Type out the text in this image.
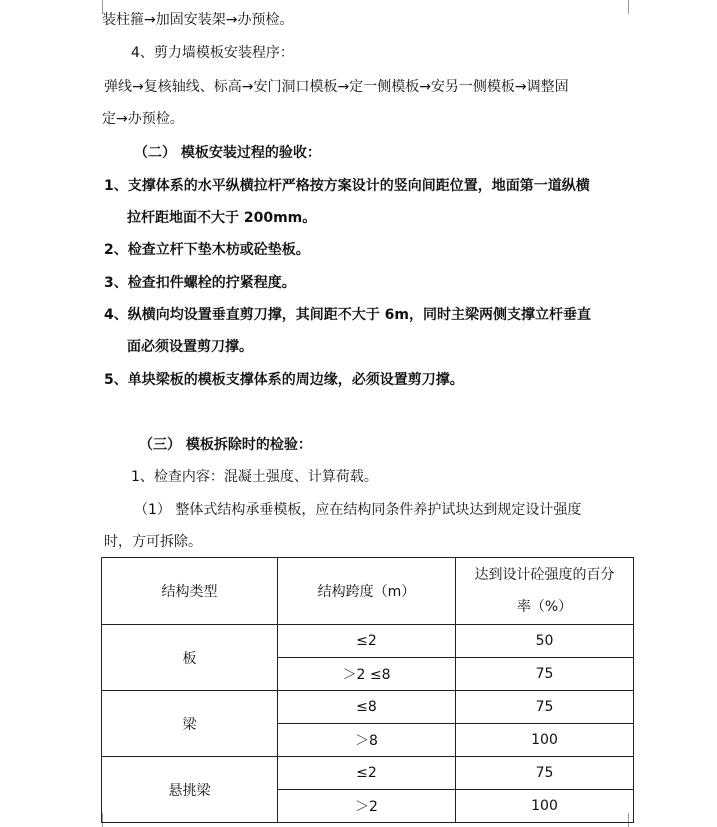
装柱箍→加固安装架→办预检。
4、剪力墙模板安装程序：
弹线→复核轴线、标高→安门洞口模板→定一侧模板→安另一侧模板→调整固
定→办预检。
（二） 模板安装过程的验收：
1、支撑体系的水平纵横拉杆严格按方案设计的竖向间距位置，地面第一道纵横
拉杆距地面不大于 200mm。
2、检查立杆下垫木枋或砼垫板。
3、检查扣件螺栓的拧紧程度。
4、纵横向均设置垂直剪刀撑，其间距不大于 6m，同时主梁两侧支撑立杆垂直
面必须设置剪刀撑。
5、单块梁板的模板支撑体系的周边缘，必须设置剪刀撑。
（三） 模板拆除时的检验：
1、检查内容：混凝土强度、计算荷载。
（1） 整体式结构承垂模板，应在结构同条件养护试块达到规定设计强度
时，方可拆除。
结构类型	结构跨度（m）	达到设计砼强度的百分
率（%）
板	≤2	50
	＞2 ≤8	75
梁	≤8	75
	＞8	100
悬挑梁	≤2	75
	＞2	100
